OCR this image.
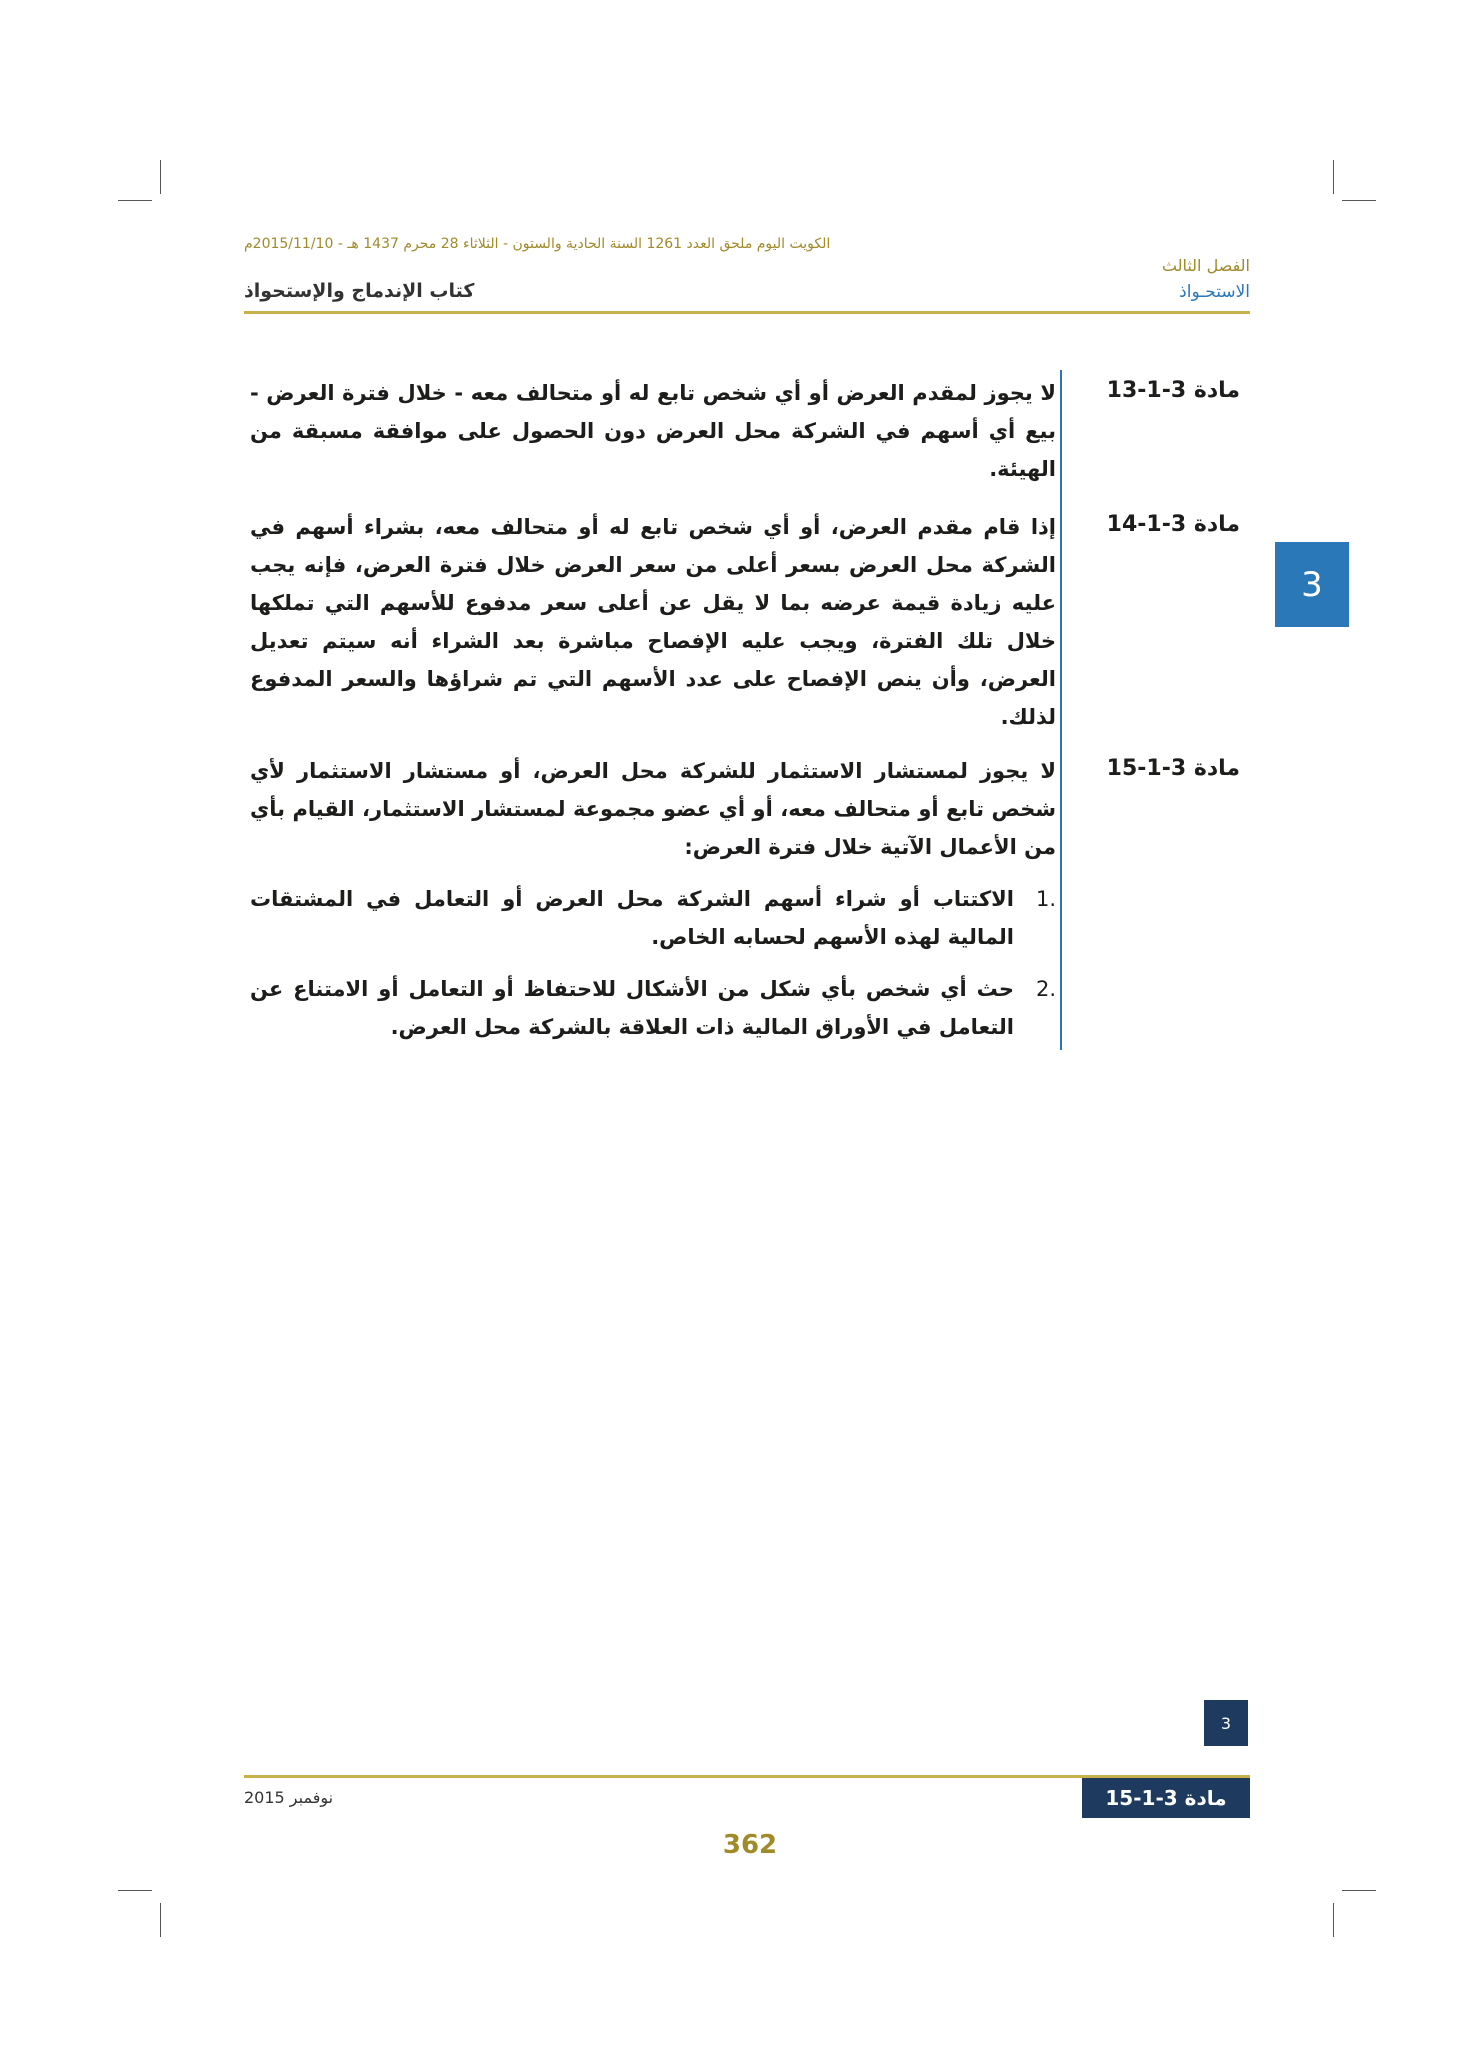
الكويت اليوم ملحق العدد 1261 السنة الحادية والستون - الثلاثاء 28 محرم 1437 هـ - 2015/11/10م
الفصل الثالث
الاستحـواذ
كتاب الإندماج والإستحواذ
3
مادة 3-1-13
لا يجوز لمقدم العرض أو أي شخص تابع له أو متحالف معه - خلال فترة العرض - بيع أي أسهم في الشركة محل العرض دون الحصول على موافقة مسبقة من الهيئة.
مادة 3-1-14
إذا قام مقدم العرض، أو أي شخص تابع له أو متحالف معه، بشراء أسهم في الشركة محل العرض بسعر أعلى من سعر العرض خلال فترة العرض، فإنه يجب عليه زيادة قيمة عرضه بما لا يقل عن أعلى سعر مدفوع للأسهم التي تملكها خلال تلك الفترة، ويجب عليه الإفصاح مباشرة بعد الشراء أنه سيتم تعديل العرض، وأن ينص الإفصاح على عدد الأسهم التي تم شراؤها والسعر المدفوع لذلك.
مادة 3-1-15
لا يجوز لمستشار الاستثمار للشركة محل العرض، أو مستشار الاستثمار لأي شخص تابع أو متحالف معه، أو أي عضو مجموعة لمستشار الاستثمار، القيام بأي من الأعمال الآتية خلال فترة العرض:
.1
الاكتتاب أو شراء أسهم الشركة محل العرض أو التعامل في المشتقات المالية لهذه الأسهم لحسابه الخاص.
.2
حث أي شخص بأي شكل من الأشكال للاحتفاظ أو التعامل أو الامتناع عن التعامل في الأوراق المالية ذات العلاقة بالشركة محل العرض.
3
مادة 3-1-15
نوفمبر 2015
362
